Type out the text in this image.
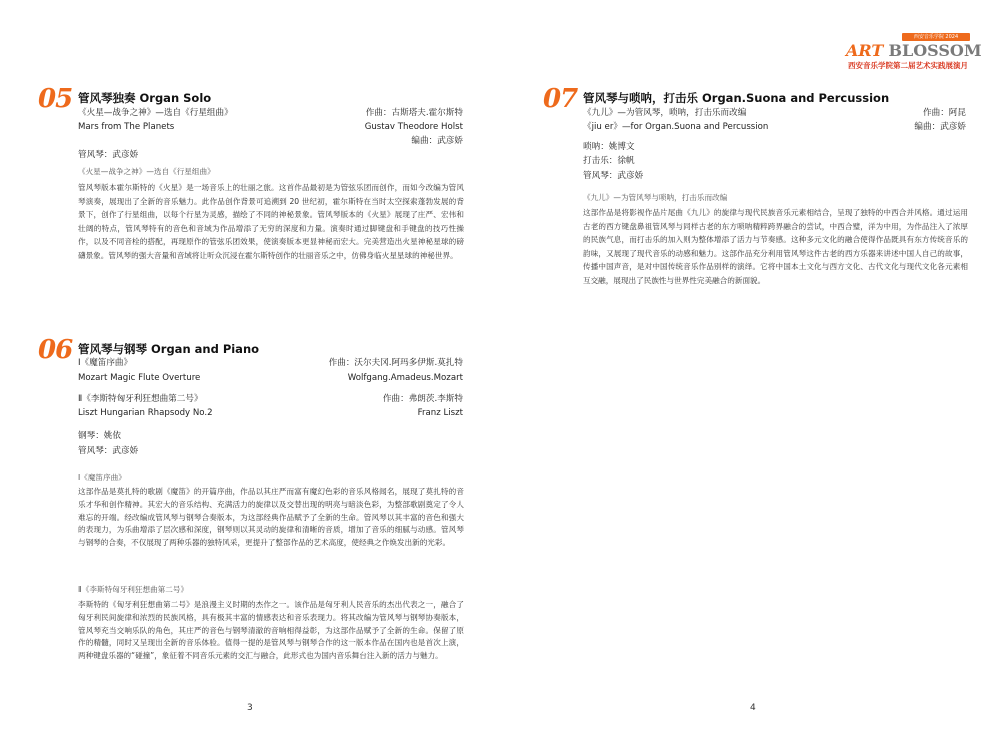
西安音乐学院 2024
ART BLOSSOM
西安音乐学院第二届艺术实践展演月
05 管风琴独奏 Organ Solo
《火星—战争之神》—选自《行星组曲》
Mars from The Planets
作曲：古斯塔夫.霍尔斯特
Gustav Theodore Holst
编曲：武彦娇
管风琴：武彦娇
《火星—战争之神》—选自《行星组曲》
管风琴版本霍尔斯特的《火星》是一场音乐上的壮丽之旅。这首作品最初是为管弦乐团而创作，而如今改编为管风琴演奏，展现出了全新的音乐魅力。此作品创作背景可追溯到 20 世纪初，霍尔斯特在当时太空探索蓬勃发展的背景下，创作了行星组曲，以每个行星为灵感，描绘了不同的神秘景象。管风琴版本的《火星》展现了庄严、宏伟和壮阔的特点，管风琴特有的音色和音域为作品增添了无穷的深度和力量。演奏时通过脚键盘和手键盘的技巧性操作，以及不同音栓的搭配，再现原作的管弦乐团效果，使演奏版本更显神秘而宏大。完美营造出火星神秘星球的磅礴景象。管风琴的强大音量和音域将让听众沉浸在霍尔斯特创作的壮丽音乐之中，仿佛身临火星星球的神秘世界。
06 管风琴与钢琴 Organ and Piano
Ⅰ《魔笛序曲》
Mozart Magic Flute Overture
作曲：沃尔夫冈.阿玛多伊斯.莫扎特
Wolfgang.Amadeus.Mozart
Ⅱ《李斯特匈牙利狂想曲第二号》
Liszt Hungarian Rhapsody No.2
作曲：弗朗茨.李斯特
Franz Liszt
钢琴：姚依
管风琴：武彦娇
Ⅰ《魔笛序曲》
这部作品是莫扎特的歌剧《魔笛》的开篇序曲，作品以其庄严而富有魔幻色彩的音乐风格闻名，展现了莫扎特的音乐才华和创作精神。其宏大的音乐结构、充满活力的旋律以及交替出现的明亮与暗淡色彩，为整部歌剧奠定了令人难忘的开端。经改编成管风琴与钢琴合奏版本，为这部经典作品赋予了全新的生命。管风琴以其丰富的音色和强大的表现力，为乐曲增添了层次感和深度，钢琴则以其灵动的旋律和清晰的音质，增加了音乐的细腻与动感。管风琴与钢琴的合奏，不仅展现了两种乐器的独特风采，更提升了整部作品的艺术高度，使经典之作焕发出新的光彩。
Ⅱ《李斯特匈牙利狂想曲第二号》
李斯特的《匈牙利狂想曲第二号》是浪漫主义时期的杰作之一。该作品是匈牙利人民音乐的杰出代表之一，融合了匈牙利民间旋律和浓烈的民族风格，具有极其丰富的情感表达和音乐表现力。将其改编为管风琴与钢琴协奏版本，管风琴充当交响乐队的角色，其庄严的音色与钢琴清澈的音响相得益彰，为这部作品赋予了全新的生命。保留了原作的精髓，同时又呈现出全新的音乐体验。值得一提的是管风琴与钢琴合作的这一版本作品在国内也是首次上演，两种键盘乐器的“碰撞”，象征着不同音乐元素的交汇与融合，此形式也为国内音乐舞台注入新的活力与魅力。
3	4
07 管风琴与唢呐，打击乐 Organ.Suona and Percussion
《九儿》—为管风琴，唢呐，打击乐而改编
《jiu er》—for Organ.Suona and Percussion
作曲：阿昆
编曲：武彦娇
唢呐：姚博文
打击乐：徐帆
管风琴：武彦娇
《九儿》—为管风琴与唢呐，打击乐而改编
这部作品是将影视作品片尾曲《九儿》的旋律与现代民族音乐元素相结合，呈现了独特的中西合并风格。通过运用古老的西方键盘鼻祖管风琴与同样古老的东方唢呐精粹跨界融合的尝试，中西合璧，洋为中用，为作品注入了浓厚的民族气息，而打击乐的加入则为整体增添了活力与节奏感。这种多元文化的融合使得作品既具有东方传统音乐的韵味，又展现了现代音乐的动感和魅力。这部作品充分利用管风琴这件古老的西方乐器来讲述中国人自己的故事，传播中国声音，是对中国传统音乐作品别样的演绎。它将中国本土文化与西方文化、古代文化与现代文化各元素相互交融，展现出了民族性与世界性完美融合的新面貌。
